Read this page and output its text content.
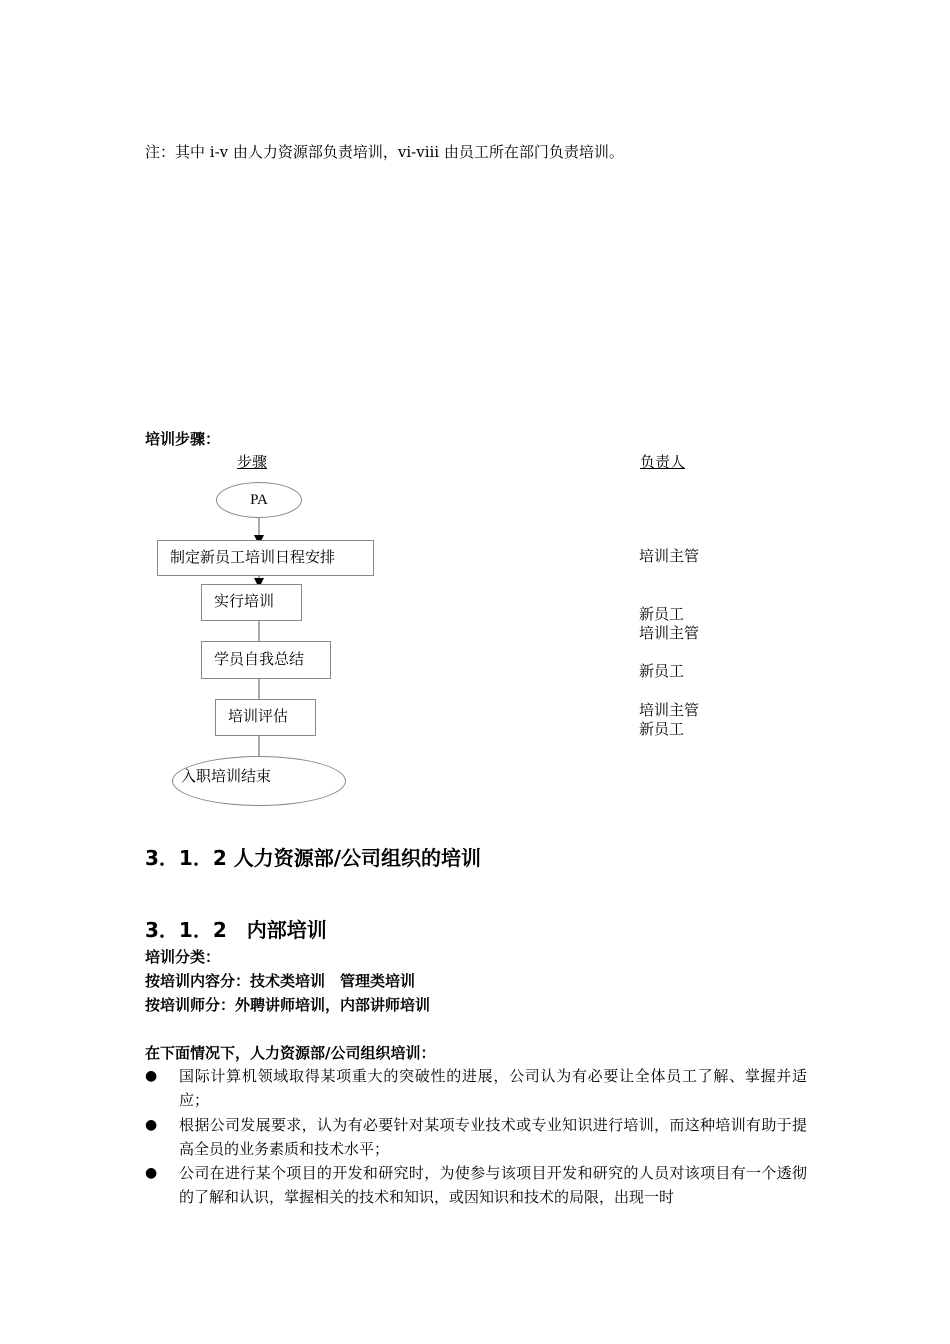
注：其中 i-v 由人力资源部负责培训，vi-viii 由员工所在部门负责培训。
培训步骤：
步骤	负责人
PA
制定新员工培训日程安排
实行培训
学员自我总结
培训评估
入职培训结束
培训主管
新员工
培训主管
新员工
培训主管
新员工
3．1．2 人力资源部/公司组织的培训
3．1．2　内部培训
培训分类：
按培训内容分：技术类培训　管理类培训
按培训师分：外聘讲师培训，内部讲师培训
在下面情况下，人力资源部/公司组织培训：
● 国际计算机领域取得某项重大的突破性的进展，公司认为有必要让全体员工了解、掌握并适应；
● 根据公司发展要求，认为有必要针对某项专业技术或专业知识进行培训，而这种培训有助于提高全员的业务素质和技术水平；
● 公司在进行某个项目的开发和研究时，为使参与该项目开发和研究的人员对该项目有一个透彻的了解和认识，掌握相关的技术和知识，或因知识和技术的局限，出现一时
